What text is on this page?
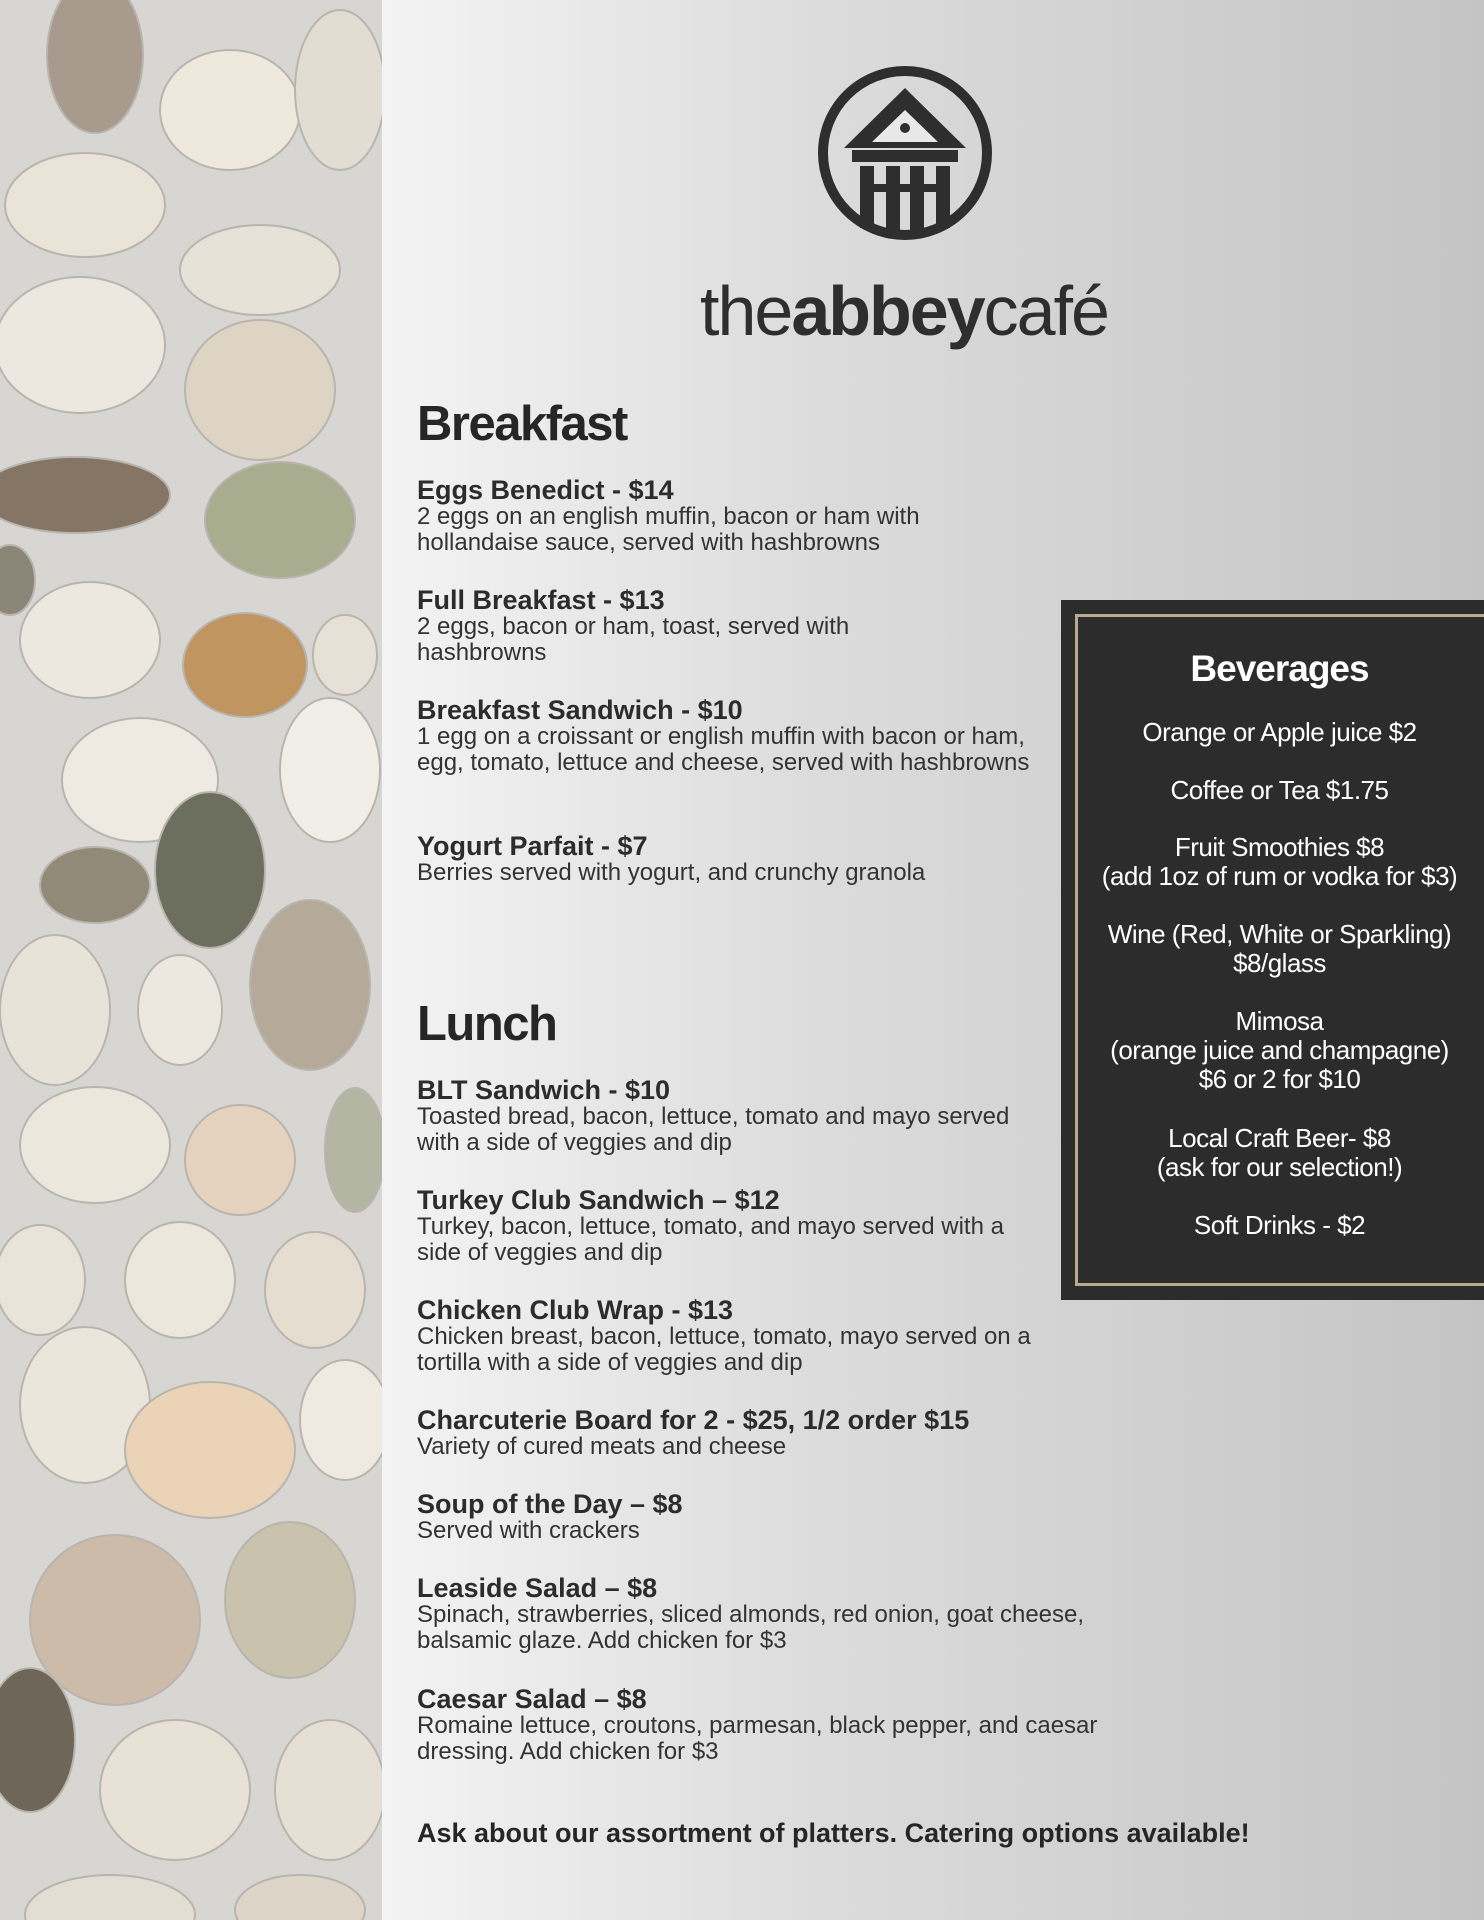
theabbeycafé
Breakfast
Eggs Benedict - $14
2 eggs on an english muffin, bacon or ham with hollandaise sauce, served with hashbrowns
Full Breakfast - $13
2 eggs, bacon or ham, toast, served with hashbrowns
Breakfast Sandwich - $10
1 egg on a croissant or english muffin with bacon or ham, egg, tomato, lettuce and cheese, served with hashbrowns
Yogurt Parfait - $7
Berries served with yogurt, and crunchy granola
Lunch
BLT Sandwich - $10
Toasted bread, bacon, lettuce, tomato and mayo served with a side of veggies and dip
Turkey Club Sandwich – $12
Turkey, bacon, lettuce, tomato, and mayo served with a side of veggies and dip
Chicken Club Wrap - $13
Chicken breast, bacon, lettuce, tomato, mayo served on a tortilla with a side of veggies and dip
Charcuterie Board for 2 - $25, 1/2 order $15
Variety of cured meats and cheese
Soup of the Day – $8
Served with crackers
Leaside Salad – $8
Spinach, strawberries, sliced almonds, red onion, goat cheese, balsamic glaze. Add chicken for $3
Caesar Salad – $8
Romaine lettuce, croutons, parmesan, black pepper, and caesar dressing. Add chicken for $3
Ask about our assortment of platters. Catering options available!
Beverages
Orange or Apple juice $2
Coffee or Tea $1.75
Fruit Smoothies $8
(add 1oz of rum or vodka for $3)
Wine (Red, White or Sparkling)
$8/glass
Mimosa
(orange juice and champagne)
$6 or 2 for $10
Local Craft Beer- $8
(ask for our selection!)
Soft Drinks - $2
